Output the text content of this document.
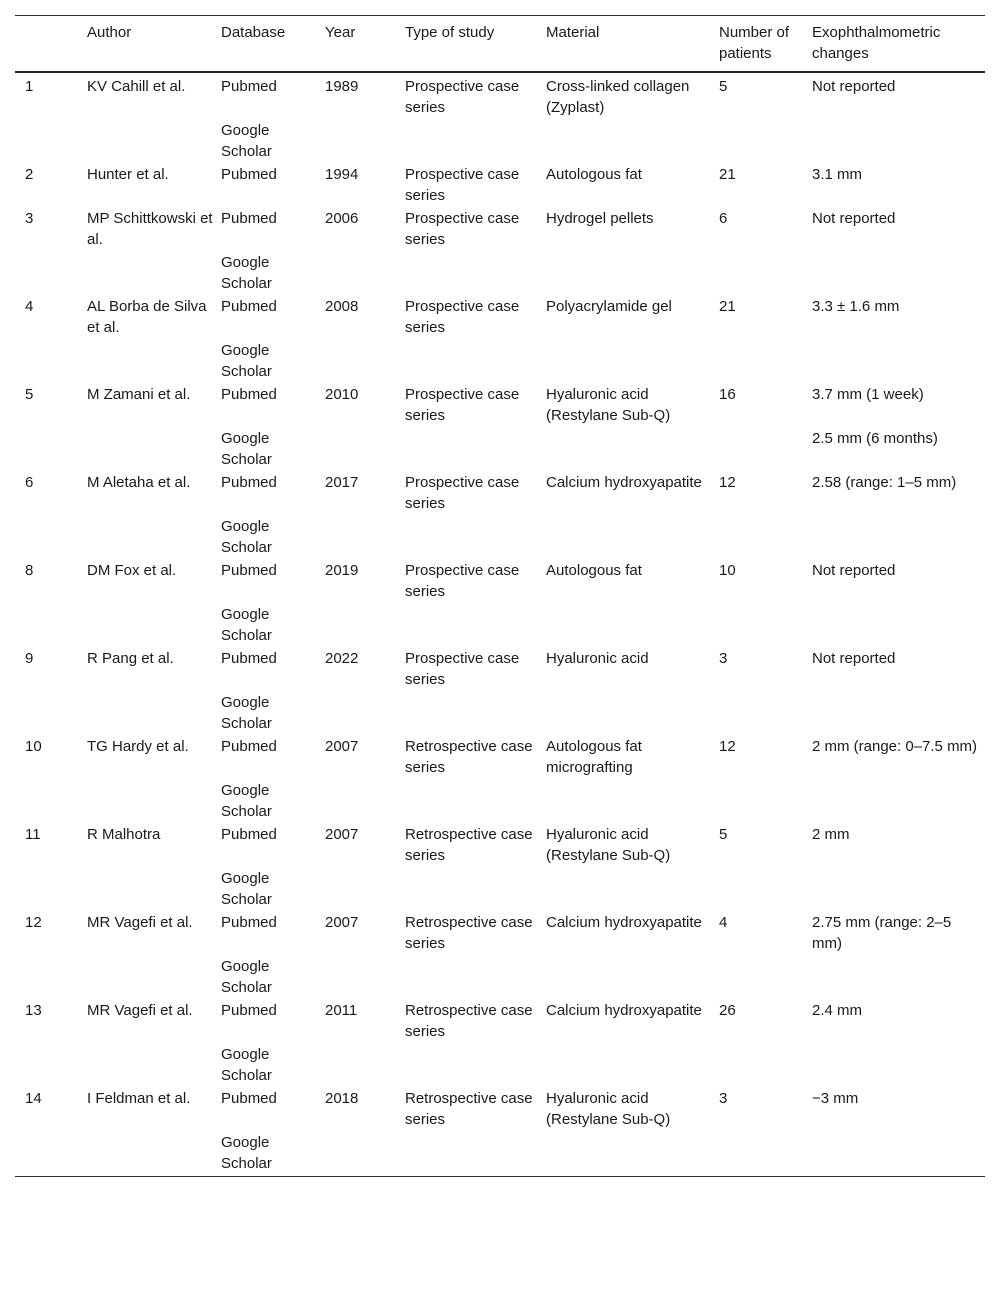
	Author	Database	Year	Type of study	Material	Number of patients	Exophthalmometric changes
1	KV Cahill et al.	Pubmed	1989	Prospective case series	Cross-linked collagen (Zyplast)	5	Not reported
		Google Scholar					
2	Hunter et al.	Pubmed	1994	Prospective case series	Autologous fat	21	3.1 mm
3	MP Schittkowski et al.	Pubmed	2006	Prospective case series	Hydrogel pellets	6	Not reported
		Google Scholar					
4	AL Borba de Silva et al.	Pubmed	2008	Prospective case series	Polyacrylamide gel	21	3.3 ± 1.6 mm
		Google Scholar					
5	M Zamani et al.	Pubmed	2010	Prospective case series	Hyaluronic acid (Restylane Sub-Q)	16	3.7 mm (1 week)
		Google Scholar					2.5 mm (6 months)
6	M Aletaha et al.	Pubmed	2017	Prospective case series	Calcium hydroxyapatite	12	2.58 (range: 1–5 mm)
		Google Scholar					
8	DM Fox et al.	Pubmed	2019	Prospective case series	Autologous fat	10	Not reported
		Google Scholar					
9	R Pang et al.	Pubmed	2022	Prospective case series	Hyaluronic acid	3	Not reported
		Google Scholar					
10	TG Hardy et al.	Pubmed	2007	Retrospective case series	Autologous fat micrografting	12	2 mm (range: 0–7.5 mm)
		Google Scholar					
11	R Malhotra	Pubmed	2007	Retrospective case series	Hyaluronic acid (Restylane Sub-Q)	5	2 mm
		Google Scholar					
12	MR Vagefi et al.	Pubmed	2007	Retrospective case series	Calcium hydroxyapatite	4	2.75 mm (range: 2–5 mm)
		Google Scholar					
13	MR Vagefi et al.	Pubmed	2011	Retrospective case series	Calcium hydroxyapatite	26	2.4 mm
		Google Scholar					
14	I Feldman et al.	Pubmed	2018	Retrospective case series	Hyaluronic acid (Restylane Sub-Q)	3	−3 mm
		Google Scholar					
